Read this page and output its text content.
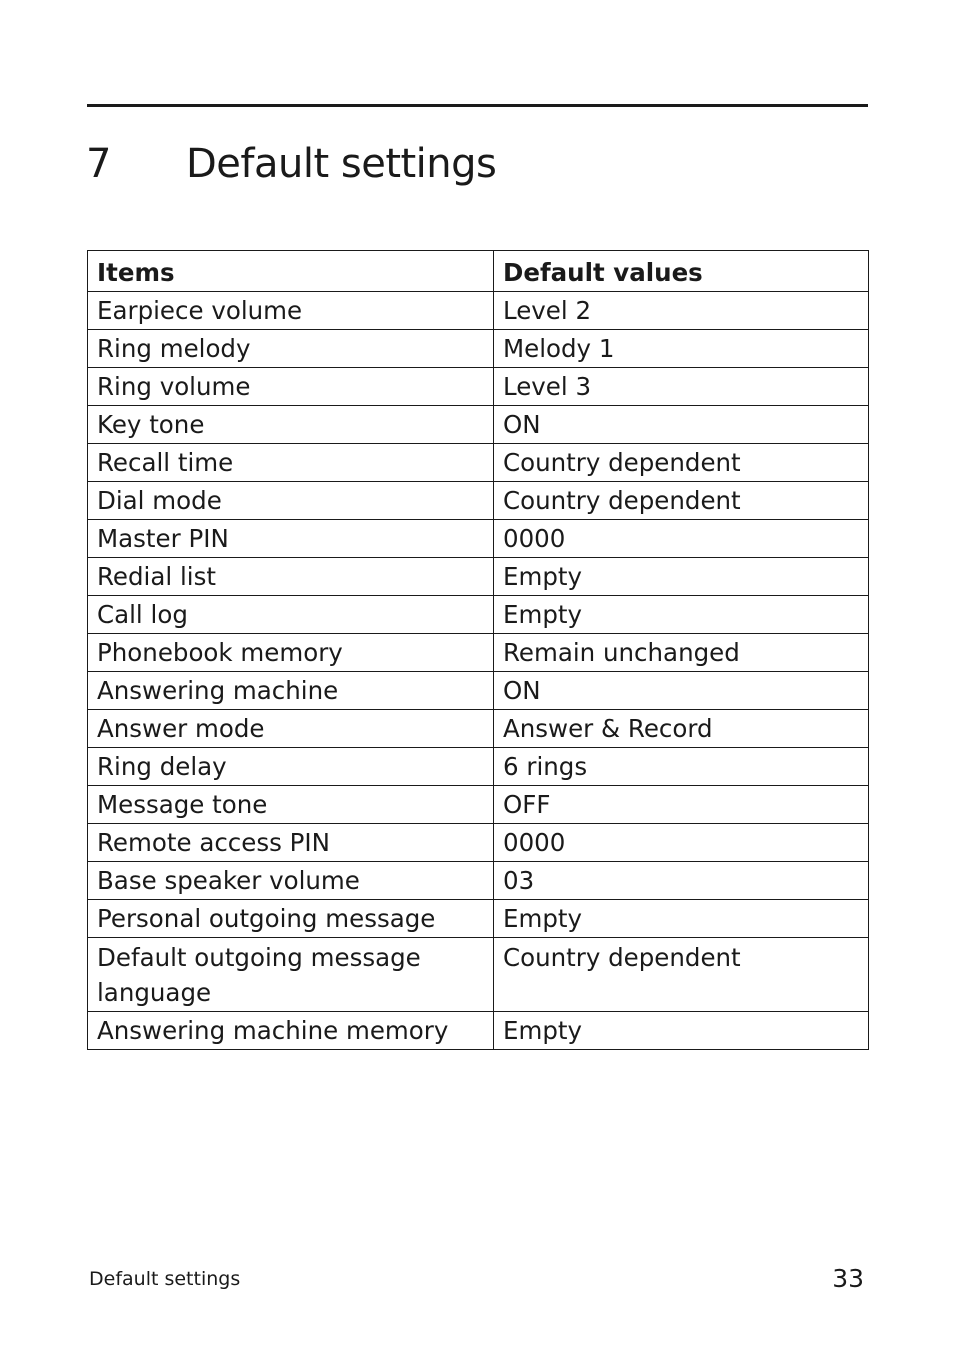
7 Default settings
Items	Default values
Earpiece volume	Level 2
Ring melody	Melody 1
Ring volume	Level 3
Key tone	ON
Recall time	Country dependent
Dial mode	Country dependent
Master PIN	0000
Redial list	Empty
Call log	Empty
Phonebook memory	Remain unchanged
Answering machine	ON
Answer mode	Answer & Record
Ring delay	6 rings
Message tone	OFF
Remote access PIN	0000
Base speaker volume	03
Personal outgoing message	Empty
Default outgoing message language	Country dependent
Answering machine memory	Empty
Default settings	33
